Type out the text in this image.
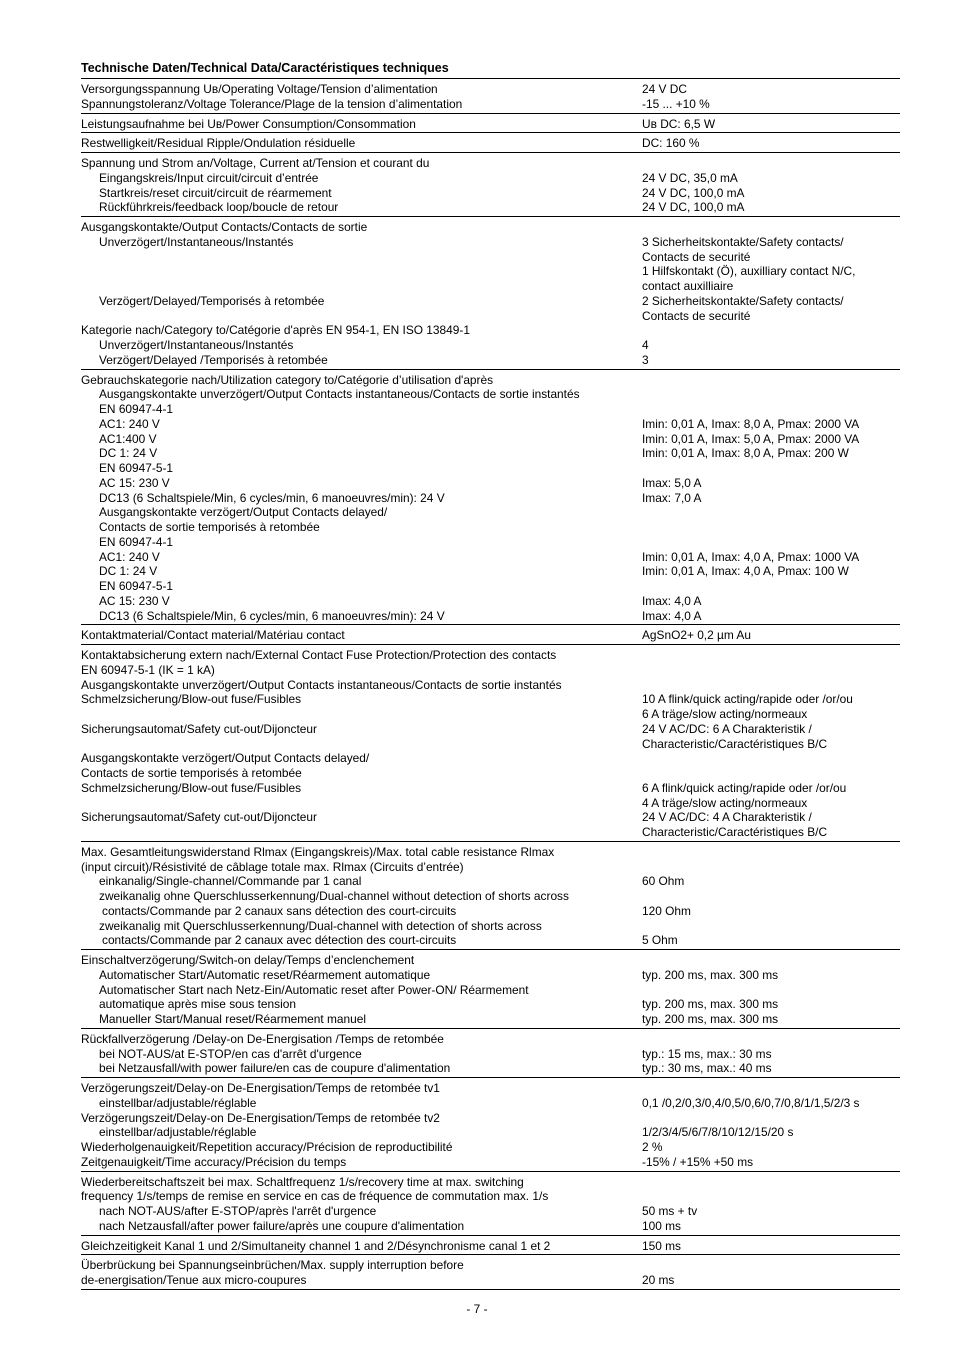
Technische Daten/Technical Data/Caractéristiques techniques
Versorgungsspannung Uʙ/Operating Voltage/Tension d’alimentation	24 V DC
Spannungstoleranz/Voltage Tolerance/Plage de la tension d’alimentation	-15 ... +10 %
Leistungsaufnahme bei Uʙ/Power Consumption/Consommation	Uʙ DC: 6,5 W
Restwelligkeit/Residual Ripple/Ondulation résiduelle	DC: 160 %
Spannung und Strom an/Voltage, Current at/Tension et courant du
Eingangskreis/Input circuit/circuit d’entrée	24 V DC, 35,0 mA
Startkreis/reset circuit/circuit de réarmement	24 V DC, 100,0 mA
Rückführkreis/feedback loop/boucle de retour	24 V DC, 100,0 mA
Ausgangskontakte/Output Contacts/Contacts de sortie
Unverzögert/Instantaneous/Instantés	3 Sicherheitskontakte/Safety contacts/
Contacts de securité
1 Hilfskontakt (Ö), auxilliary contact N/C,
contact auxilliaire
Verzögert/Delayed/Temporisés à retombée	2 Sicherheitskontakte/Safety contacts/
Contacts de securité
Kategorie nach/Category to/Catégorie d'après EN 954-1, EN ISO 13849-1
Unverzögert/Instantaneous/Instantés	4
Verzögert/Delayed /Temporisés à retombée	3
Gebrauchskategorie nach/Utilization category to/Catégorie d’utilisation d'après
Ausgangskontakte unverzögert/Output Contacts instantaneous/Contacts de sortie instantés
EN 60947-4-1
AC1: 240 V	Imin: 0,01 A, Imax: 8,0 A, Pmax: 2000 VA
AC1:400 V	Imin: 0,01 A, Imax: 5,0 A, Pmax: 2000 VA
DC 1: 24 V	Imin: 0,01 A, Imax: 8,0 A, Pmax: 200 W
EN 60947-5-1
AC 15: 230 V	Imax: 5,0 A
DC13 (6 Schaltspiele/Min, 6 cycles/min, 6 manoeuvres/min): 24 V	Imax: 7,0 A
Ausgangskontakte verzögert/Output Contacts delayed/
Contacts de sortie temporisés à retombée
EN 60947-4-1
AC1: 240 V	Imin: 0,01 A, Imax: 4,0 A, Pmax: 1000 VA
DC 1: 24 V	Imin: 0,01 A, Imax: 4,0 A, Pmax: 100 W
EN 60947-5-1
AC 15: 230 V	Imax: 4,0 A
DC13 (6 Schaltspiele/Min, 6 cycles/min, 6 manoeuvres/min): 24 V	Imax: 4,0 A
Kontaktmaterial/Contact material/Matériau contact	AgSnO2+ 0,2 µm Au
Kontaktabsicherung extern nach/External Contact Fuse Protection/Protection des contacts
EN 60947-5-1 (IK = 1 kA)
Ausgangskontakte unverzögert/Output Contacts instantaneous/Contacts de sortie instantés
Schmelzsicherung/Blow-out fuse/Fusibles	10 A flink/quick acting/rapide oder /or/ou
6 A träge/slow acting/normeaux
Sicherungsautomat/Safety cut-out/Dijoncteur	24 V AC/DC: 6 A Charakteristik /
Characteristic/Caractéristiques B/C
Ausgangskontakte verzögert/Output Contacts delayed/
Contacts de sortie temporisés à retombée
Schmelzsicherung/Blow-out fuse/Fusibles	6 A flink/quick acting/rapide oder /or/ou
4 A träge/slow acting/normeaux
Sicherungsautomat/Safety cut-out/Dijoncteur	24 V AC/DC: 4 A Charakteristik /
Characteristic/Caractéristiques B/C
Max. Gesamtleitungswiderstand Rlmax (Eingangskreis)/Max. total cable resistance Rlmax
(input circuit)/Résistivité de câblage totale max. Rlmax (Circuits d’entrée)
einkanalig/Single-channel/Commande par 1 canal	60 Ohm
zweikanalig ohne Querschlusserkennung/Dual-channel without detection of shorts across
contacts/Commande par 2 canaux sans détection des court-circuits	120 Ohm
zweikanalig mit Querschlusserkennung/Dual-channel with detection of shorts across
contacts/Commande par 2 canaux avec détection des court-circuits	5 Ohm
Einschaltverzögerung/Switch-on delay/Temps d’enclenchement
Automatischer Start/Automatic reset/Réarmement automatique	typ. 200 ms, max. 300 ms
Automatischer Start nach Netz-Ein/Automatic reset after Power-ON/ Réarmement
automatique après mise sous tension	typ. 200 ms, max. 300 ms
Manueller Start/Manual reset/Réarmement manuel	typ. 200 ms, max. 300 ms
Rückfallverzögerung /Delay-on De-Energisation /Temps de retombée
bei NOT-AUS/at E-STOP/en cas d'arrêt d'urgence	typ.: 15 ms, max.: 30 ms
bei Netzausfall/with power failure/en cas de coupure d'alimentation	typ.: 30 ms, max.: 40 ms
Verzögerungszeit/Delay-on De-Energisation/Temps de retombée tv1
einstellbar/adjustable/réglable	0,1 /0,2/0,3/0,4/0,5/0,6/0,7/0,8/1/1,5/2/3 s
Verzögerungszeit/Delay-on De-Energisation/Temps de retombée tv2
einstellbar/adjustable/réglable	1/2/3/4/5/6/7/8/10/12/15/20 s
Wiederholgenauigkeit/Repetition accuracy/Précision de reproductibilité	2 %
Zeitgenauigkeit/Time accuracy/Précision du temps	-15% / +15% +50 ms
Wiederbereitschaftszeit bei max. Schaltfrequenz 1/s/recovery time at max. switching
frequency 1/s/temps de remise en service en cas de fréquence de commutation max. 1/s
nach NOT-AUS/after E-STOP/après l'arrêt d'urgence	50 ms + tv
nach Netzausfall/after power failure/après une coupure d'alimentation	100 ms
Gleichzeitigkeit Kanal 1 und 2/Simultaneity channel 1 and 2/Désynchronisme canal 1 et 2	150 ms
Überbrückung bei Spannungseinbrüchen/Max. supply interruption before
de-energisation/Tenue aux micro-coupures	20 ms
- 7 -
